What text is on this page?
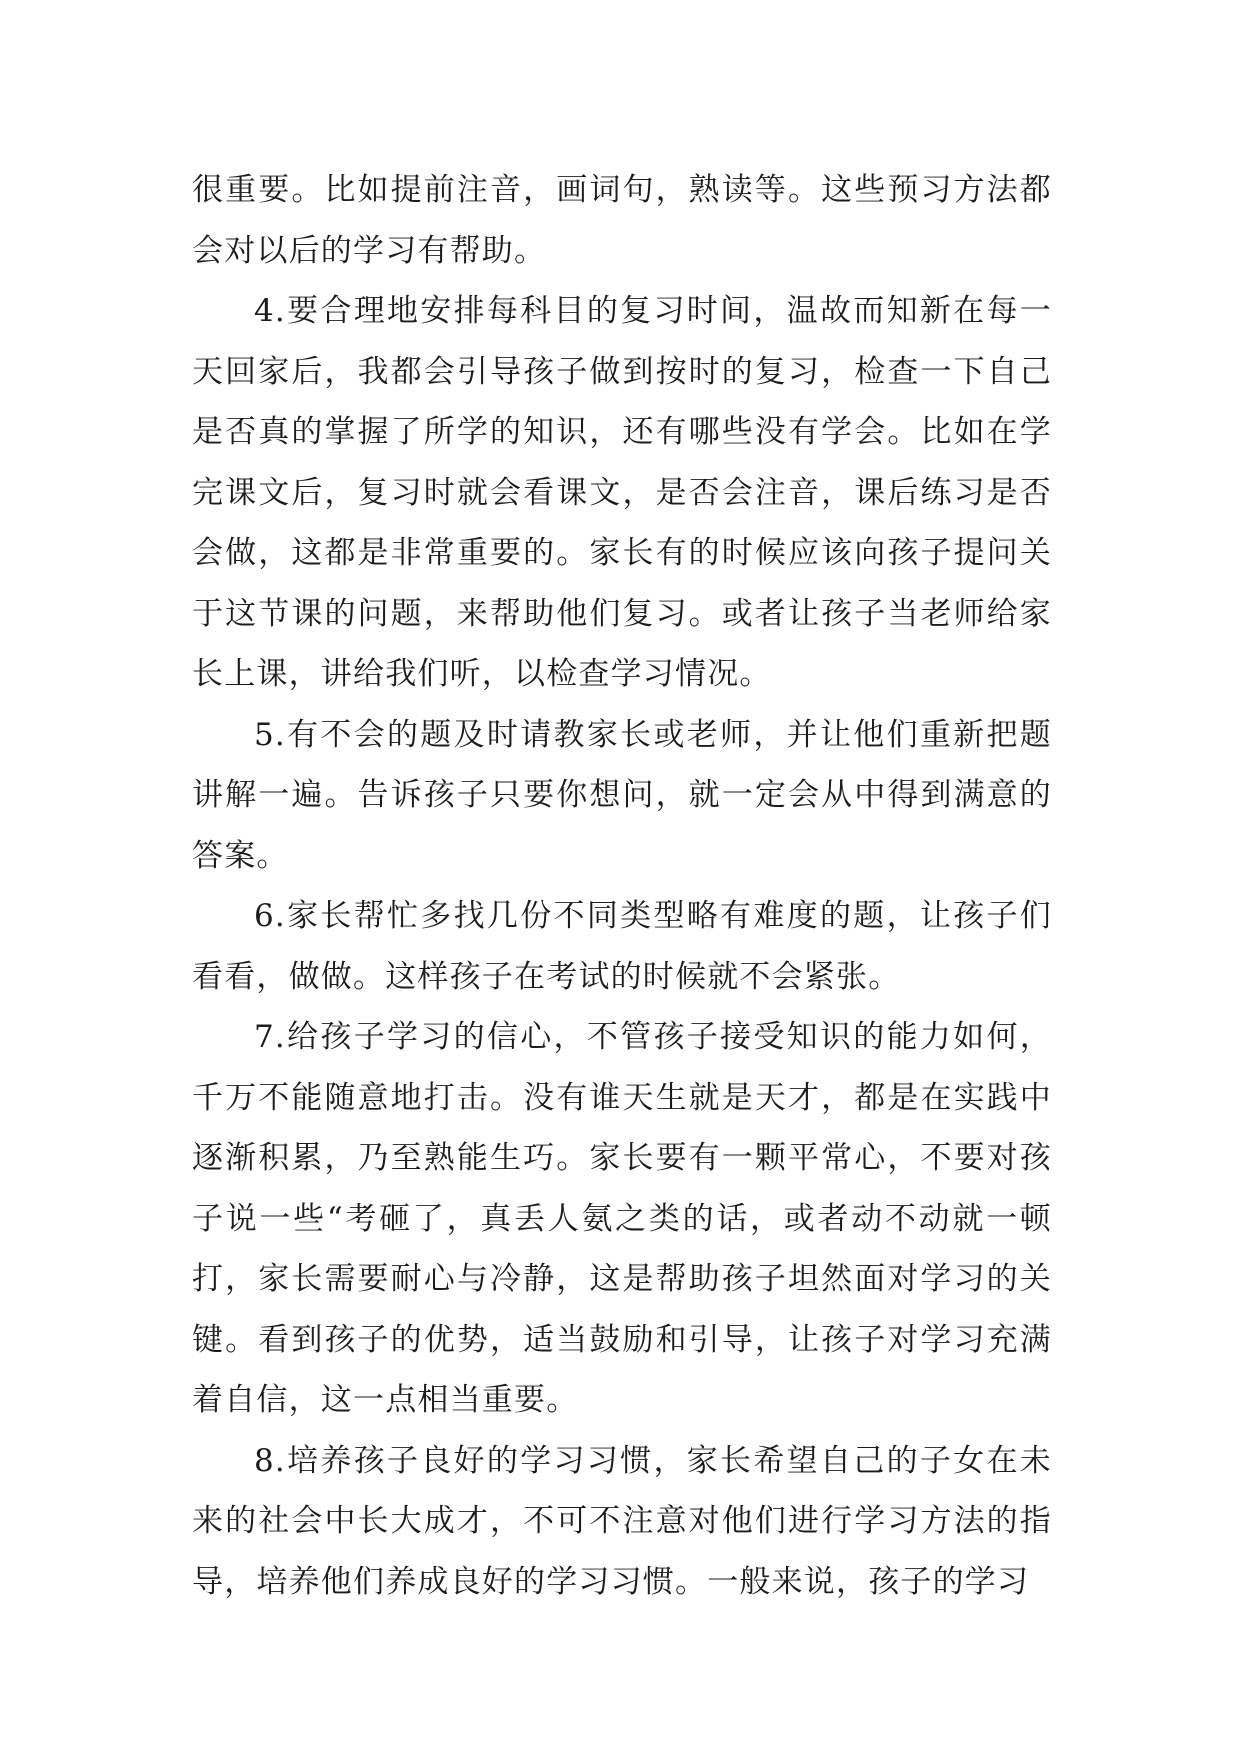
很重要。比如提前注音，画词句，熟读等。这些预习方法都会对以后的学习有帮助。

4.要合理地安排每科目的复习时间，温故而知新在每一天回家后，我都会引导孩子做到按时的复习，检查一下自己是否真的掌握了所学的知识，还有哪些没有学会。比如在学完课文后，复习时就会看课文，是否会注音，课后练习是否会做，这都是非常重要的。家长有的时候应该向孩子提问关于这节课的问题，来帮助他们复习。或者让孩子当老师给家长上课，讲给我们听，以检查学习情况。

5.有不会的题及时请教家长或老师，并让他们重新把题讲解一遍。告诉孩子只要你想问，就一定会从中得到满意的答案。

6.家长帮忙多找几份不同类型略有难度的题，让孩子们看看，做做。这样孩子在考试的时候就不会紧张。

7.给孩子学习的信心，不管孩子接受知识的能力如何，千万不能随意地打击。没有谁天生就是天才，都是在实践中逐渐积累，乃至熟能生巧。家长要有一颗平常心，不要对孩子说一些“考砸了，真丢人氨之类的话，或者动不动就一顿打，家长需要耐心与冷静，这是帮助孩子坦然面对学习的关键。看到孩子的优势，适当鼓励和引导，让孩子对学习充满着自信，这一点相当重要。

8.培养孩子良好的学习习惯，家长希望自己的子女在未来的社会中长大成才，不可不注意对他们进行学习方法的指导，培养他们养成良好的学习习惯。一般来说，孩子的学习
